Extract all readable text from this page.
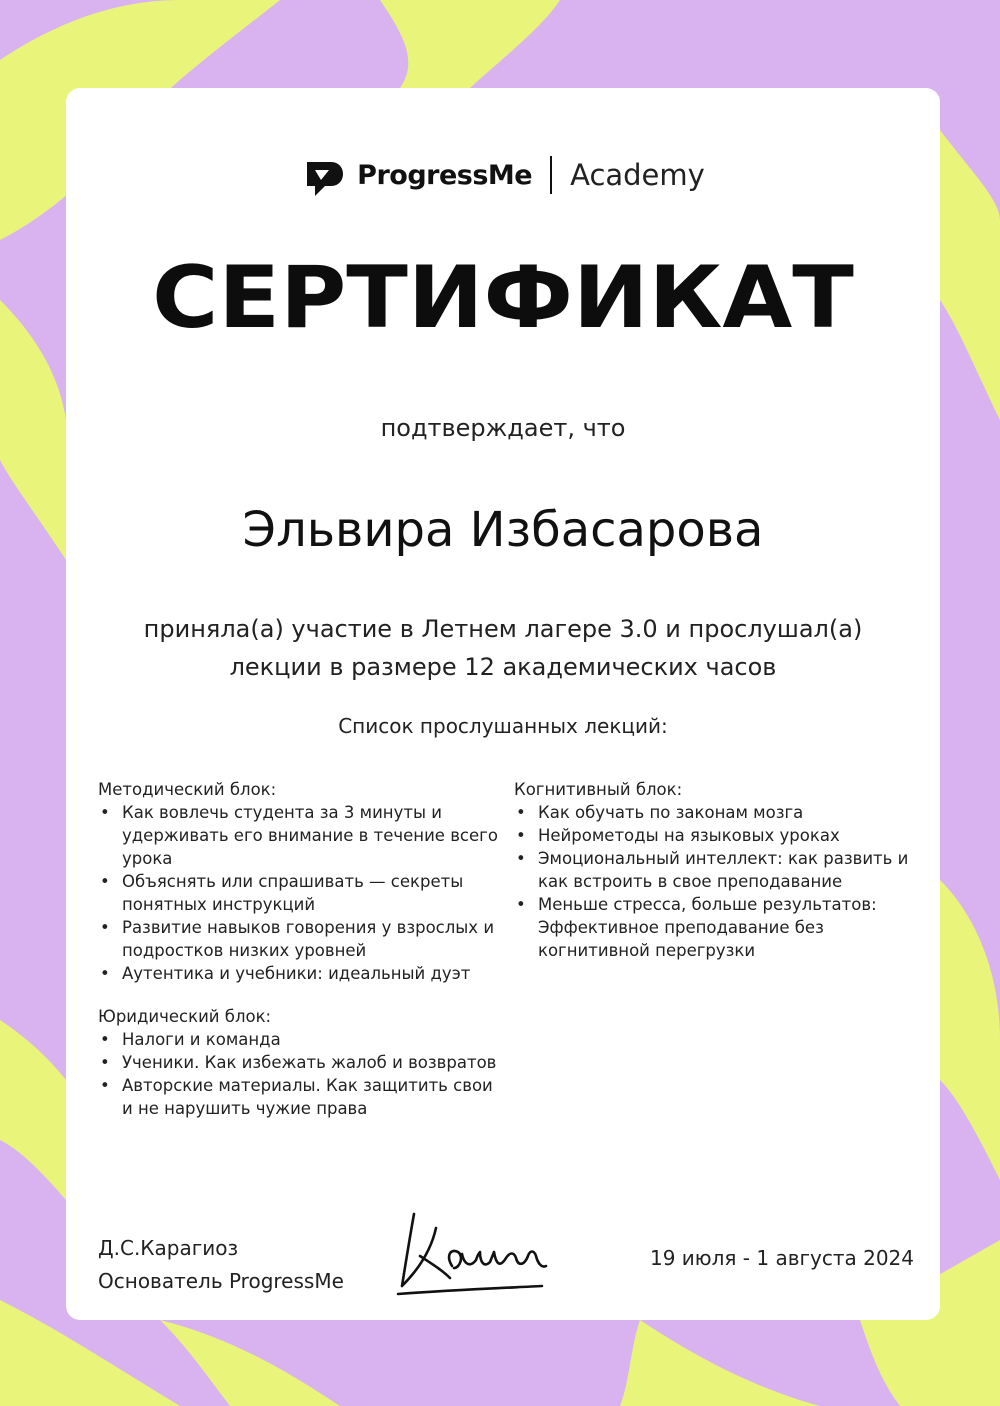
ProgressMe Academy
СЕРТИФИКАТ
подтверждает, что
Эльвира Избасарова
приняла(а) участие в Летнем лагере 3.0 и прослушал(а)
лекции в размере 12 академических часов
Список прослушанных лекций:

Методический блок:

• Как вовлечь студента за 3 минуты и удерживать его внимание в течение всего урока
• Объяснять или спрашивать — секреты понятных инструкций
• Развитие навыков говорения у взрослых и подростков низких уровней
• Аутентика и учебники: идеальный дуэт

Когнитивный блок:

• Как обучать по законам мозга
• Нейрометоды на языковых уроках
• Эмоциональный интеллект: как развить и как встроить в свое преподавание
• Меньше стресса, больше результатов: Эффективное преподавание без когнитивной перегрузки

Юридический блок:

• Налоги и команда
• Ученики. Как избежать жалоб и возвратов
• Авторские материалы. Как защитить свои и не нарушить чужие права
Д.С.Карагиоз
Основатель ProgressMe
19 июля - 1 августа 2024
